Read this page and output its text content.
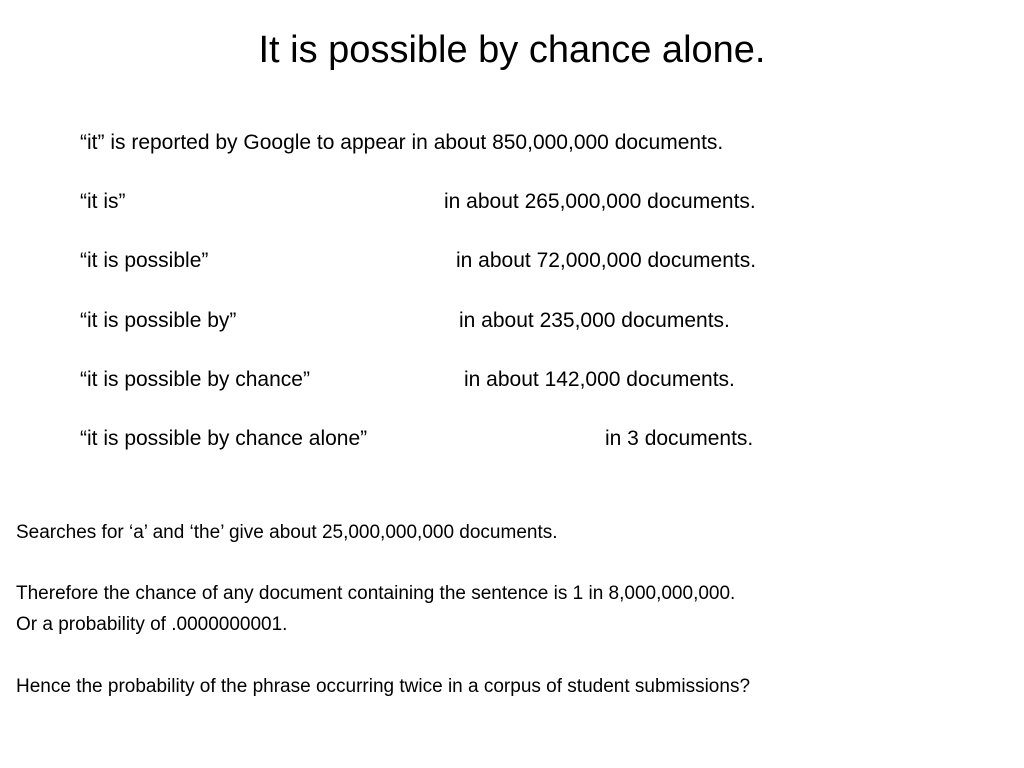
It is possible by chance alone.
“it” is reported by Google to appear in about 850,000,000 documents.
“it is”	in about 265,000,000 documents.
“it is possible”	in about 72,000,000 documents.
“it is possible by”	in about 235,000 documents.
“it is possible by chance”	in about 142,000 documents.
“it is possible by chance alone”	in 3 documents.
Searches for ‘a’ and ‘the’ give about 25,000,000,000 documents.
Therefore the chance of any document containing the sentence is 1 in 8,000,000,000.
Or a probability of .0000000001.
Hence the probability of the phrase occurring twice in a corpus of student submissions?
